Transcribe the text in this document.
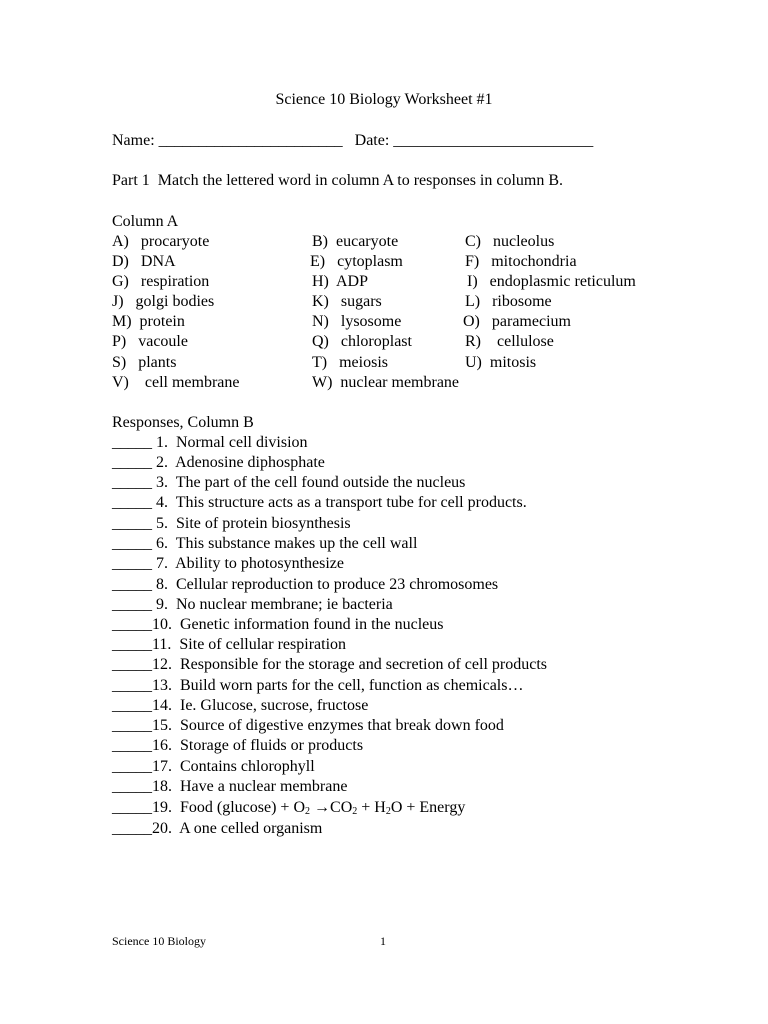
Science 10 Biology Worksheet #1
Name: _______________________   Date: _________________________
Part 1  Match the lettered word in column A to responses in column B.
Column A
A)   procaryote	B)  eucaryote	C)   nucleolus
D)   DNA	E)   cytoplasm	F)   mitochondria
G)   respiration	H)  ADP	I)   endoplasmic reticulum
J)   golgi bodies	K)   sugars	L)   ribosome
M)  protein	N)   lysosome	O)   paramecium
P)   vacoule	Q)   chloroplast	R)    cellulose
S)   plants	T)   meiosis	U)  mitosis
V)    cell membrane	W)  nuclear membrane
Responses, Column B
_____ 1.  Normal cell division
_____ 2.  Adenosine diphosphate
_____ 3.  The part of the cell found outside the nucleus
_____ 4.  This structure acts as a transport tube for cell products.
_____ 5.  Site of protein biosynthesis
_____ 6.  This substance makes up the cell wall
_____ 7.  Ability to photosynthesize
_____ 8.  Cellular reproduction to produce 23 chromosomes
_____ 9.  No nuclear membrane; ie bacteria
_____10.  Genetic information found in the nucleus
_____11.  Site of cellular respiration
_____12.  Responsible for the storage and secretion of cell products
_____13.  Build worn parts for the cell, function as chemicals…
_____14.  Ie. Glucose, sucrose, fructose
_____15.  Source of digestive enzymes that break down food
_____16.  Storage of fluids or products
_____17.  Contains chlorophyll
_____18.  Have a nuclear membrane
_____19.  Food $(glucose) + O_2 \to CO_2 + H_2O$ + Energy
_____20.  A one celled organism
Science 10 Biology	1
